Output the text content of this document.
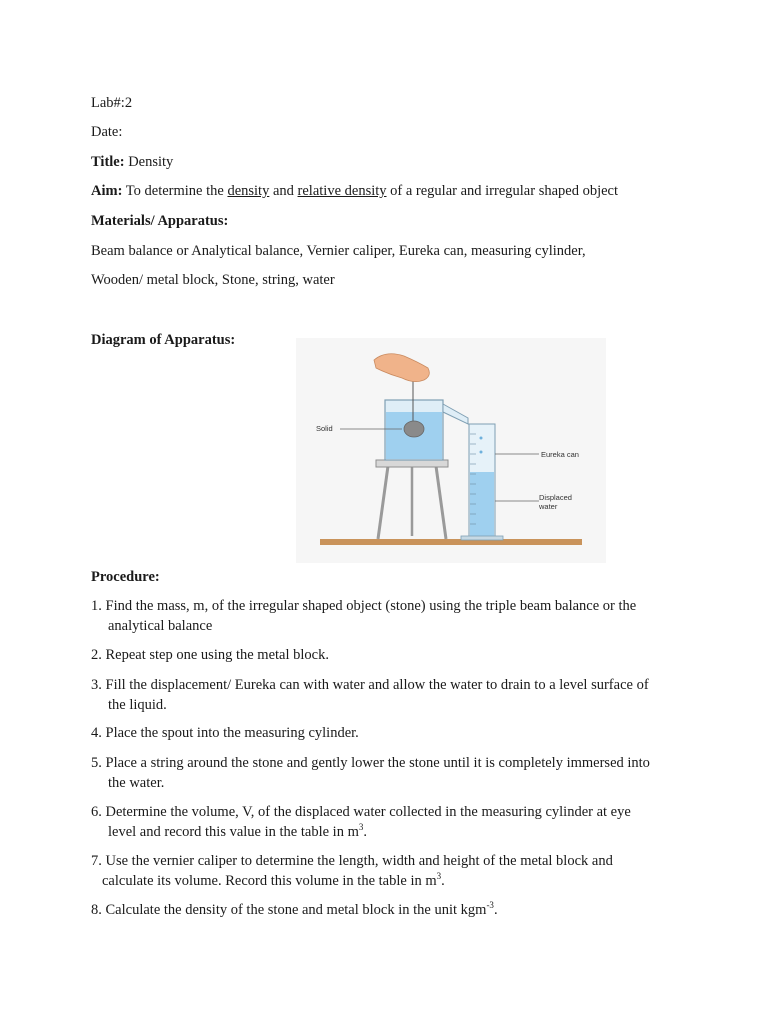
Lab#:2
Date:
Title: Density
Aim: To determine the density and relative density of a regular and irregular shaped object
Materials/ Apparatus:
Beam balance or Analytical balance, Vernier caliper, Eureka can, measuring cylinder,
Wooden/ metal block, Stone, string, water
Diagram of Apparatus:
Solid
Eureka can
Displaced
water
Procedure:
1. Find the mass, m, of the irregular shaped object (stone) using the triple beam balance or the
analytical balance
2. Repeat step one using the metal block.
3. Fill the displacement/ Eureka can with water and allow the water to drain to a level surface of
the liquid.
4. Place the spout into the measuring cylinder.
5. Place a string around the stone and gently lower the stone until it is completely immersed into
the water.
6. Determine the volume, V, of the displaced water collected in the measuring cylinder at eye
level and record this value in the table in $m^3$.
7. Use the vernier caliper to determine the length, width and height of the metal block and
calculate its volume. Record this volume in the table in $m^3$.
8. Calculate the density of the stone and metal block in the unit kgm$^{-3}$.
